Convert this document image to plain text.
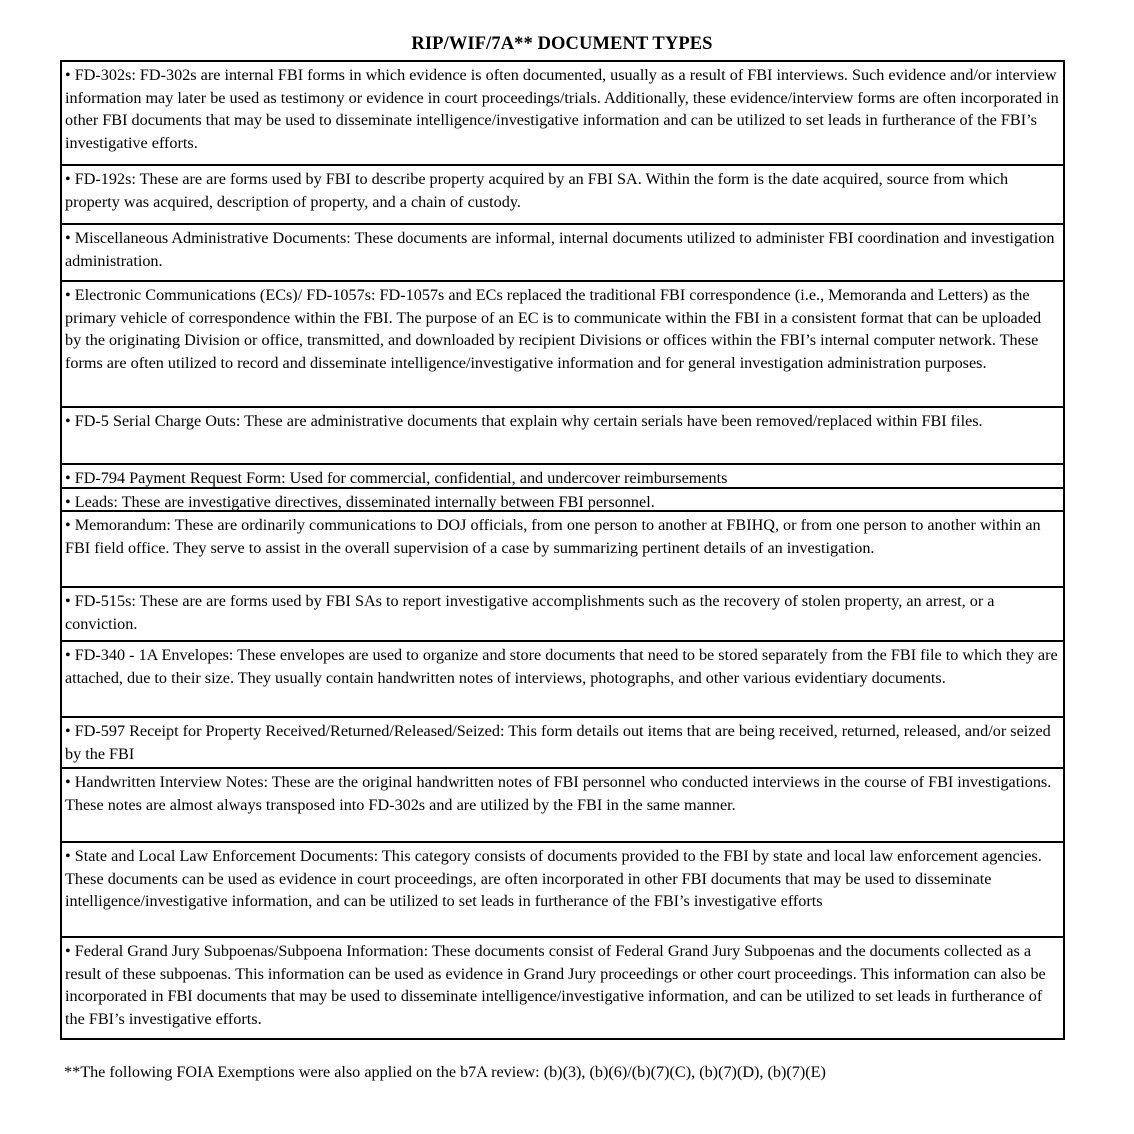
RIP/WIF/7A** DOCUMENT TYPES
• FD-302s: FD-302s are internal FBI forms in which evidence is often documented, usually as a result of FBI interviews. Such evidence and/or interview information may later be used as testimony or evidence in court proceedings/trials. Additionally, these evidence/interview forms are often incorporated in other FBI documents that may be used to disseminate intelligence/investigative information and can be utilized to set leads in furtherance of the FBI’s investigative efforts.
• FD-192s: These are are forms used by FBI to describe property acquired by an FBI SA. Within the form is the date acquired, source from which property was acquired, description of property, and a chain of custody.
• Miscellaneous Administrative Documents: These documents are informal, internal documents utilized to administer FBI coordination and investigation administration.
• Electronic Communications (ECs)/ FD-1057s: FD-1057s and ECs replaced the traditional FBI correspondence (i.e., Memoranda and Letters) as the primary vehicle of correspondence within the FBI. The purpose of an EC is to communicate within the FBI in a consistent format that can be uploaded by the originating Division or office, transmitted, and downloaded by recipient Divisions or offices within the FBI’s internal computer network. These forms are often utilized to record and disseminate intelligence/investigative information and for general investigation administration purposes.
• FD-5 Serial Charge Outs: These are administrative documents that explain why certain serials have been removed/replaced within FBI files.
• FD-794 Payment Request Form: Used for commercial, confidential, and undercover reimbursements
• Leads: These are investigative directives, disseminated internally between FBI personnel.
• Memorandum: These are ordinarily communications to DOJ officials, from one person to another at FBIHQ, or from one person to another within an FBI field office. They serve to assist in the overall supervision of a case by summarizing pertinent details of an investigation.
• FD-515s: These are are forms used by FBI SAs to report investigative accomplishments such as the recovery of stolen property, an arrest, or a conviction.
• FD-340 - 1A Envelopes: These envelopes are used to organize and store documents that need to be stored separately from the FBI file to which they are attached, due to their size. They usually contain handwritten notes of interviews, photographs, and other various evidentiary documents.
• FD-597 Receipt for Property Received/Returned/Released/Seized: This form details out items that are being received, returned, released, and/or seized by the FBI
• Handwritten Interview Notes: These are the original handwritten notes of FBI personnel who conducted interviews in the course of FBI investigations. These notes are almost always transposed into FD-302s and are utilized by the FBI in the same manner.
• State and Local Law Enforcement Documents: This category consists of documents provided to the FBI by state and local law enforcement agencies. These documents can be used as evidence in court proceedings, are often incorporated in other FBI documents that may be used to disseminate intelligence/investigative information, and can be utilized to set leads in furtherance of the FBI’s investigative efforts
• Federal Grand Jury Subpoenas/Subpoena Information: These documents consist of Federal Grand Jury Subpoenas and the documents collected as a result of these subpoenas. This information can be used as evidence in Grand Jury proceedings or other court proceedings. This information can also be incorporated in FBI documents that may be used to disseminate intelligence/investigative information, and can be utilized to set leads in furtherance of the FBI’s investigative efforts.
**The following FOIA Exemptions were also applied on the b7A review: (b)(3), (b)(6)/(b)(7)(C), (b)(7)(D), (b)(7)(E)
